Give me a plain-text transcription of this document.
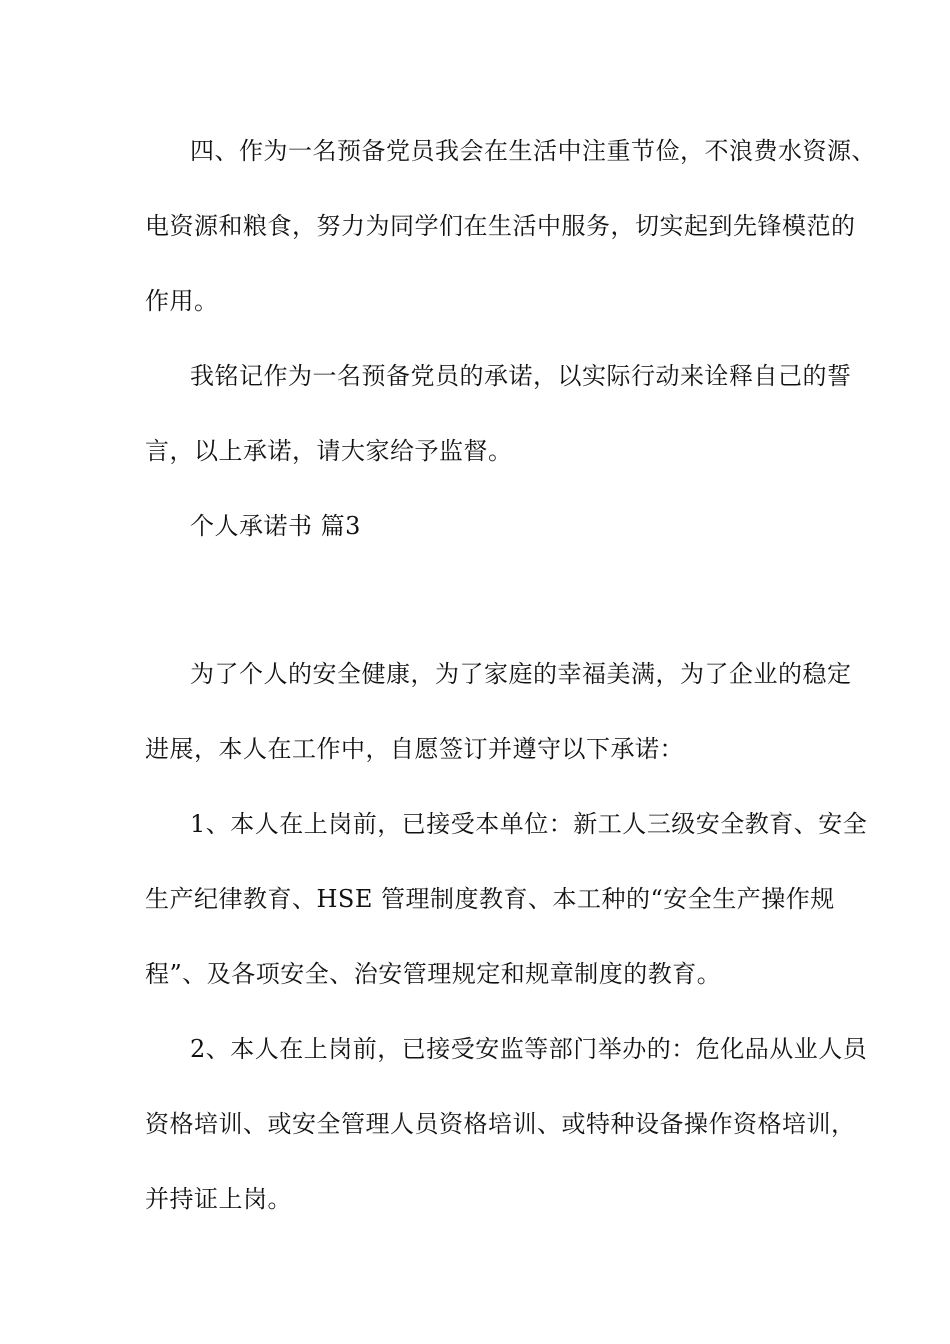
四、作为一名预备党员我会在生活中注重节俭，不浪费水资源、
电资源和粮食，努力为同学们在生活中服务，切实起到先锋模范的
作用。
我铭记作为一名预备党员的承诺，以实际行动来诠释自己的誓
言，以上承诺，请大家给予监督。
个人承诺书 篇3
为了个人的安全健康，为了家庭的幸福美满，为了企业的稳定
进展，本人在工作中，自愿签订并遵守以下承诺：
1、本人在上岗前，已接受本单位：新工人三级安全教育、安全
生产纪律教育、HSE 管理制度教育、本工种的“安全生产操作规
程”、及各项安全、治安管理规定和规章制度的教育。
2、本人在上岗前，已接受安监等部门举办的：危化品从业人员
资格培训、或安全管理人员资格培训、或特种设备操作资格培训，
并持证上岗。
